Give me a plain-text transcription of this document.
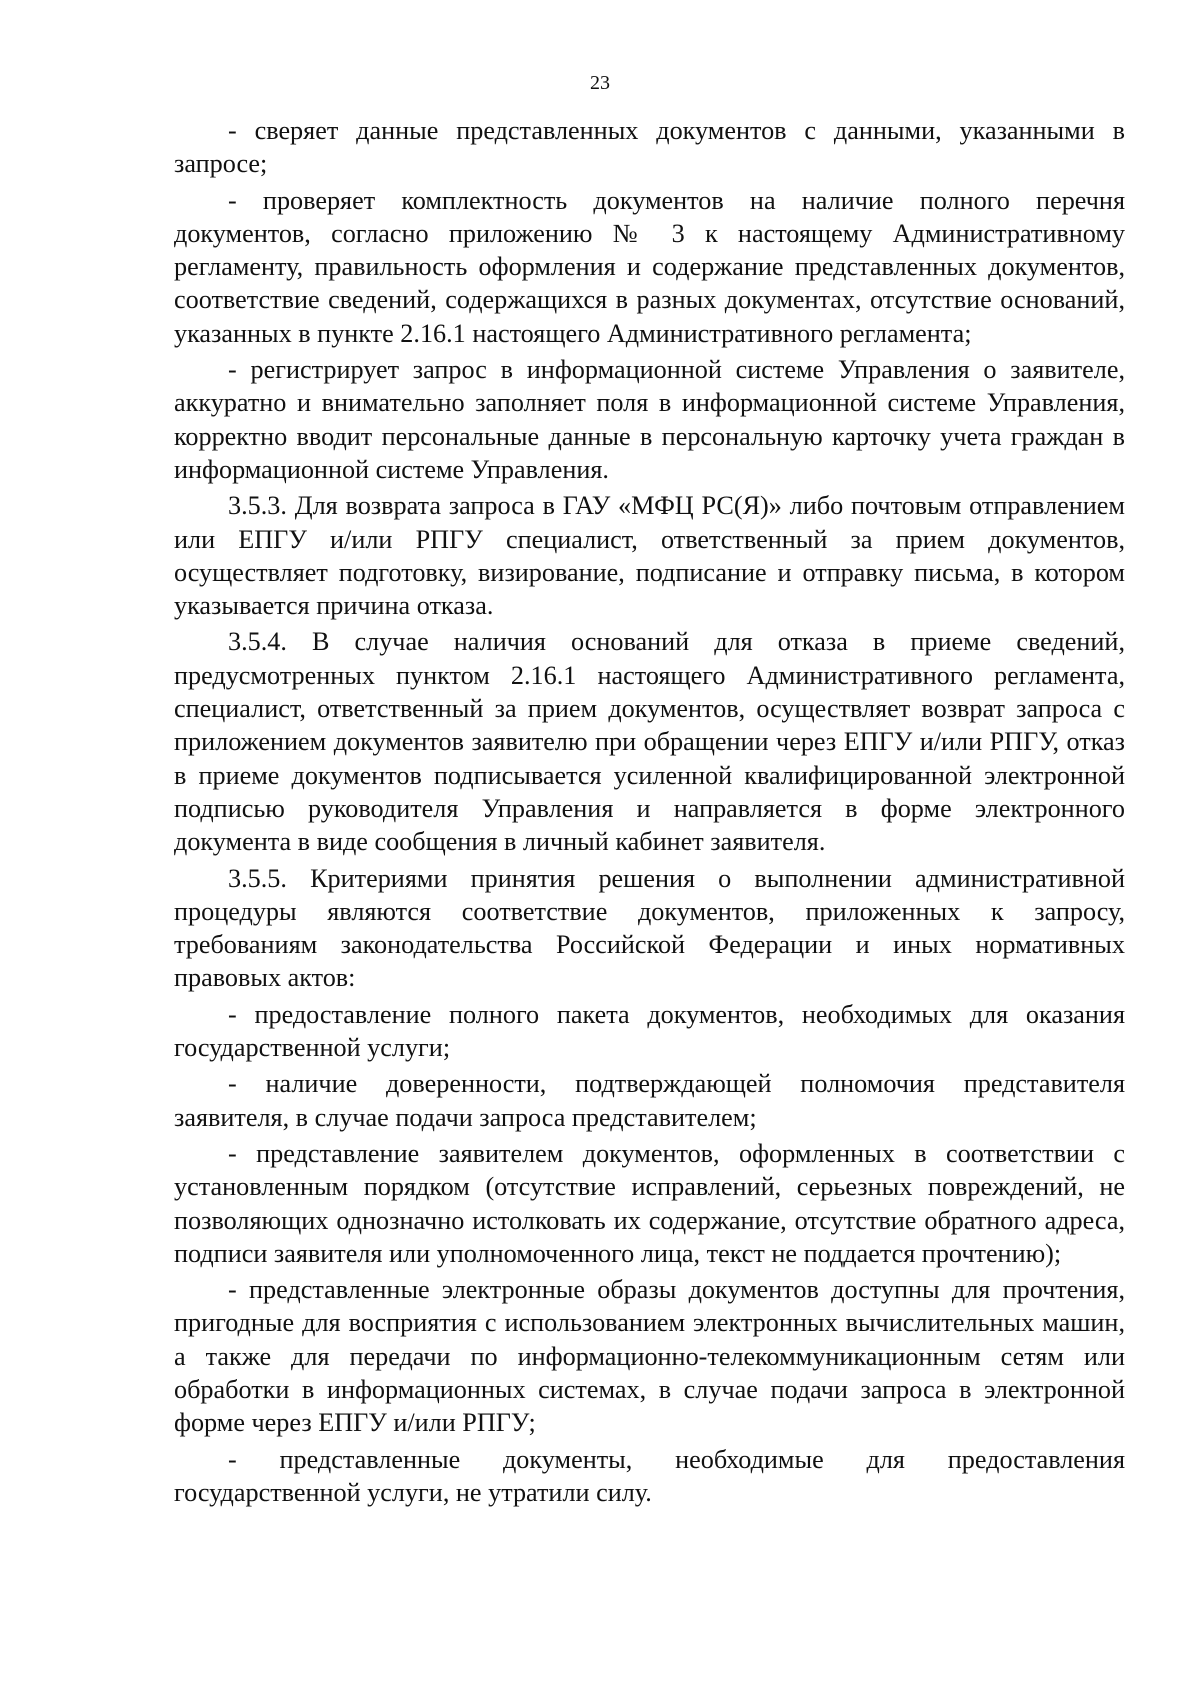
23

- сверяет данные представленных документов с данными, указанными в запросе;

- проверяет комплектность документов на наличие полного перечня документов, согласно приложению № 3 к настоящему Административному регламенту, правильность оформления и содержание представленных документов, соответствие сведений, содержащихся в разных документах, отсутствие оснований, указанных в пункте 2.16.1 настоящего Административного регламента;

- регистрирует запрос в информационной системе Управления о заявителе, аккуратно и внимательно заполняет поля в информационной системе Управления, корректно вводит персональные данные в персональную карточку учета граждан в информационной системе Управления.

3.5.3. Для возврата запроса в ГАУ «МФЦ РС(Я)» либо почтовым отправлением или ЕПГУ и/или РПГУ специалист, ответственный за прием документов, осуществляет подготовку, визирование, подписание и отправку письма, в котором указывается причина отказа.

3.5.4. В случае наличия оснований для отказа в приеме сведений, предусмотренных пунктом 2.16.1 настоящего Административного регламента, специалист, ответственный за прием документов, осуществляет возврат запроса с приложением документов заявителю при обращении через ЕПГУ и/или РПГУ, отказ в приеме документов подписывается усиленной квалифицированной электронной подписью руководителя Управления и направляется в форме электронного документа в виде сообщения в личный кабинет заявителя.

3.5.5. Критериями принятия решения о выполнении административной процедуры являются соответствие документов, приложенных к запросу, требованиям законодательства Российской Федерации и иных нормативных правовых актов:

- предоставление полного пакета документов, необходимых для оказания государственной услуги;

- наличие доверенности, подтверждающей полномочия представителя заявителя, в случае подачи запроса представителем;

- представление заявителем документов, оформленных в соответствии с установленным порядком (отсутствие исправлений, серьезных повреждений, не позволяющих однозначно истолковать их содержание, отсутствие обратного адреса, подписи заявителя или уполномоченного лица, текст не поддается прочтению);

- представленные электронные образы документов доступны для прочтения, пригодные для восприятия с использованием электронных вычислительных машин, а также для передачи по информационно-телекоммуникационным сетям или обработки в информационных системах, в случае подачи запроса в электронной форме через ЕПГУ и/или РПГУ;

- представленные документы, необходимые для предоставления государственной услуги, не утратили силу.
